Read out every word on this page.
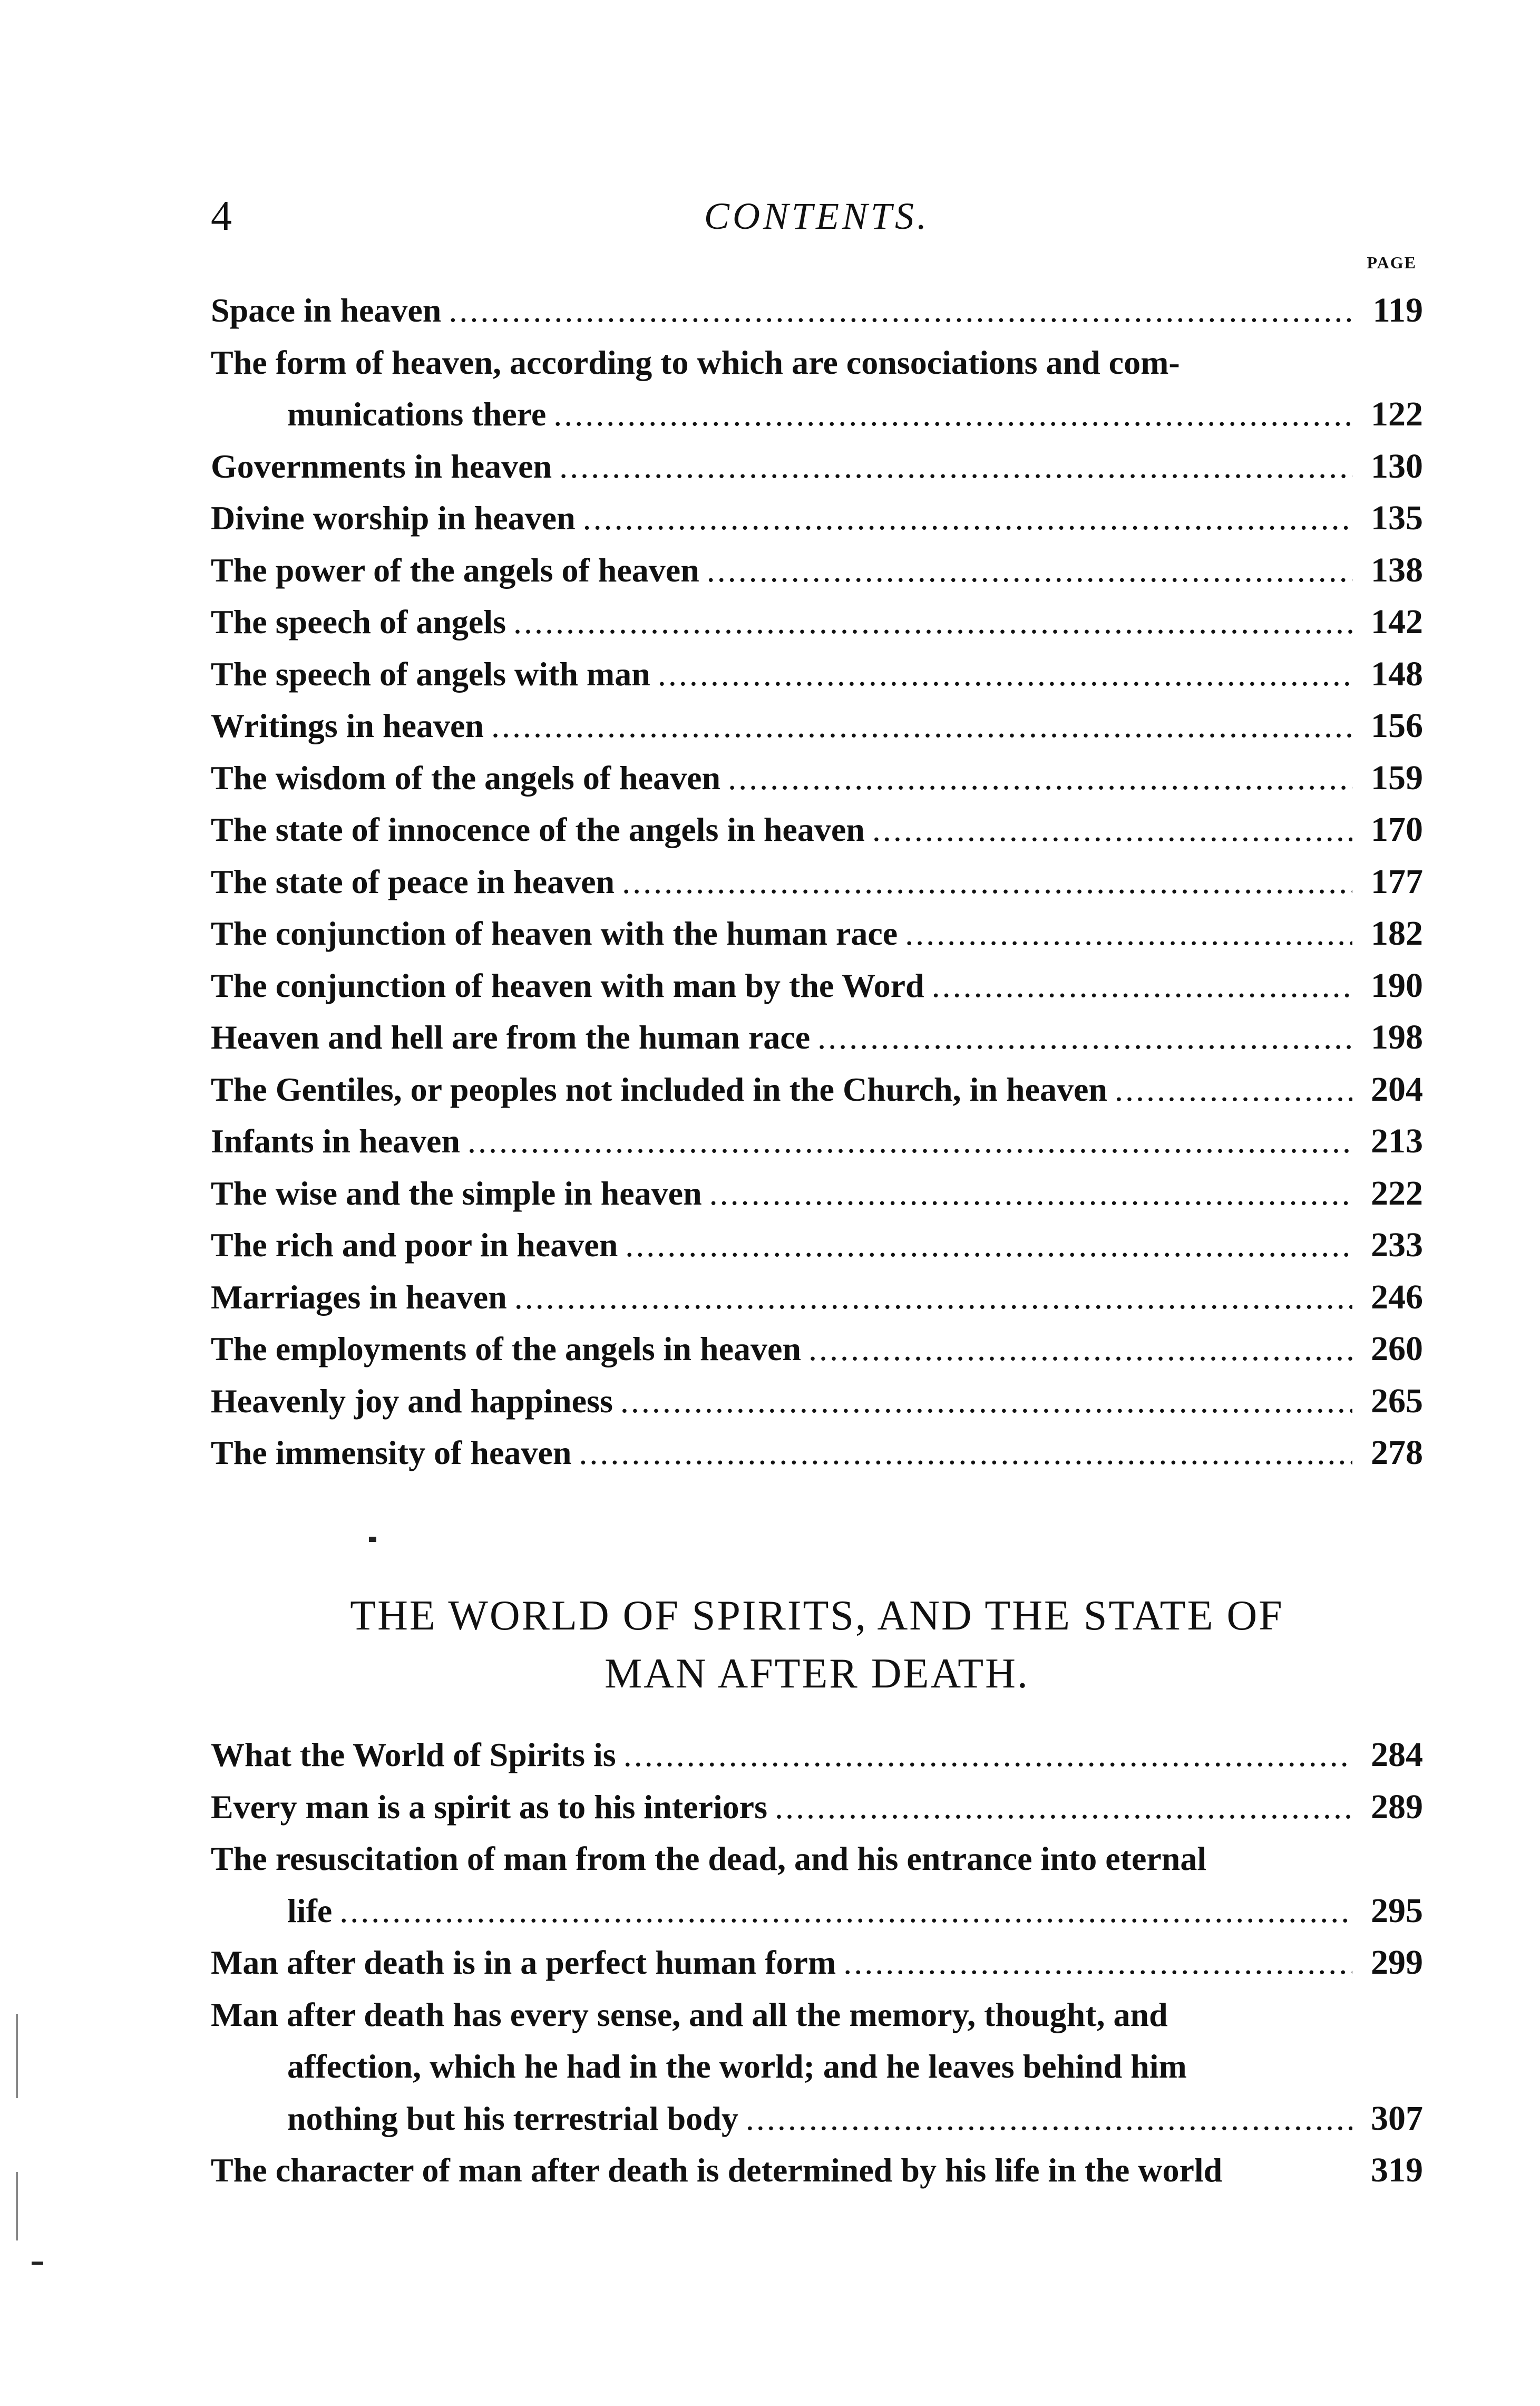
4	CONTENTS.
PAGE
Space in heaven .....	119
The form of heaven, according to which are consociations and com-
munications there .....	122
Governments in heaven .....	130
Divine worship in heaven .....	135
The power of the angels of heaven .....	138
The speech of angels .....	142
The speech of angels with man .....	148
Writings in heaven .....	156
The wisdom of the angels of heaven .....	159
The state of innocence of the angels in heaven .....	170
The state of peace in heaven .....	177
The conjunction of heaven with the human race .....	182
The conjunction of heaven with man by the Word .....	190
Heaven and hell are from the human race .....	198
The Gentiles, or peoples not included in the Church, in heaven .....	204
Infants in heaven .....	213
The wise and the simple in heaven .....	222
The rich and poor in heaven .....	233
Marriages in heaven .....	246
The employments of the angels in heaven .....	260
Heavenly joy and happiness .....	265
The immensity of heaven .....	278
THE WORLD OF SPIRITS, AND THE STATE OF
MAN AFTER DEATH.
What the World of Spirits is .....	284
Every man is a spirit as to his interiors .....	289
The resuscitation of man from the dead, and his entrance into eternal
life .....	295
Man after death is in a perfect human form .....	299
Man after death has every sense, and all the memory, thought, and
affection, which he had in the world; and he leaves behind him
nothing but his terrestrial body .....	307
The character of man after death is determined by his life in the world	319
